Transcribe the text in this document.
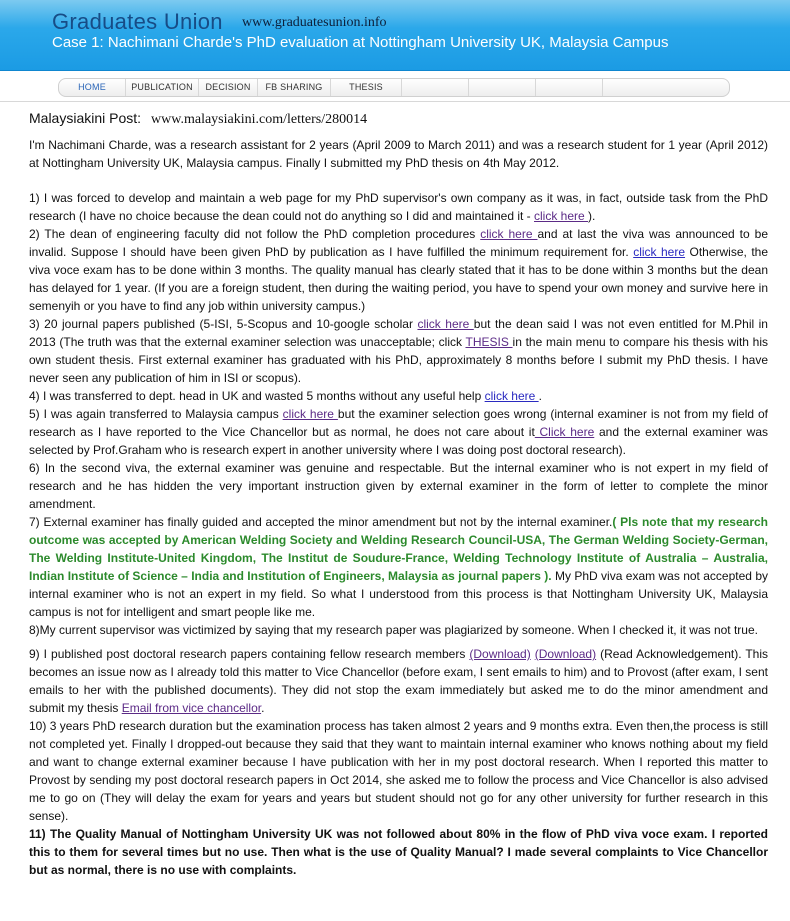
Graduates Union www.graduatesunion.info
Case 1: Nachimani Charde's PhD evaluation at Nottingham University UK, Malaysia Campus
HOME	PUBLICATION	DECISION	FB SHARING	THESIS
Malaysiakini Post: www.malaysiakini.com/letters/280014

I'm Nachimani Charde, was a research assistant for 2 years (April 2009 to March 2011) and was a research student for 1 year (April 2012) at Nottingham University UK, Malaysia campus. Finally I submitted my PhD thesis on 4th May 2012.

1) I was forced to develop and maintain a web page for my PhD supervisor's own company as it was, in fact, outside task from the PhD research (I have no choice because the dean could not do anything so I did and maintained it - click here ).

2) The dean of engineering faculty did not follow the PhD completion procedures click here and at last the viva was announced to be invalid. Suppose I should have been given PhD by publication as I have fulfilled the minimum requirement for. click here Otherwise, the viva voce exam has to be done within 3 months. The quality manual has clearly stated that it has to be done within 3 months but the dean has delayed for 1 year. (If you are a foreign student, then during the waiting period, you have to spend your own money and survive here in semenyih or you have to find any job within university campus.)

3) 20 journal papers published (5-ISI, 5-Scopus and 10-google scholar click here but the dean said I was not even entitled for M.Phil in 2013 (The truth was that the external examiner selection was unacceptable; click THESIS in the main menu to compare his thesis with his own student thesis. First external examiner has graduated with his PhD, approximately 8 months before I submit my PhD thesis. I have never seen any publication of him in ISI or scopus).

4) I was transferred to dept. head in UK and wasted 5 months without any useful help click here .

5) I was again transferred to Malaysia campus click here but the examiner selection goes wrong (internal examiner is not from my field of research as I have reported to the Vice Chancellor but as normal, he does not care about it Click here and the external examiner was selected by Prof.Graham who is research expert in another university where I was doing post doctoral research).

6) In the second viva, the external examiner was genuine and respectable. But the internal examiner who is not expert in my field of research and he has hidden the very important instruction given by external examiner in the form of letter to complete the minor amendment.

7) External examiner has finally guided and accepted the minor amendment but not by the internal examiner.( Pls note that my research outcome was accepted by American Welding Society and Welding Research Council-USA, The German Welding Society-German, The Welding Institute-United Kingdom, The Institut de Soudure-France, Welding Technology Institute of Australia – Australia, Indian Institute of Science – India and Institution of Engineers, Malaysia as journal papers ). My PhD viva exam was not accepted by internal examiner who is not an expert in my field. So what I understood from this process is that Nottingham University UK, Malaysia campus is not for intelligent and smart people like me.

8)My current supervisor was victimized by saying that my research paper was plagiarized by someone. When I checked it, it was not true.

9) I published post doctoral research papers containing fellow research members (Download) (Download) (Read Acknowledgement). This becomes an issue now as I already told this matter to Vice Chancellor (before exam, I sent emails to him) and to Provost (after exam, I sent emails to her with the published documents). They did not stop the exam immediately but asked me to do the minor amendment and submit my thesis Email from vice chancellor.

10) 3 years PhD research duration but the examination process has taken almost 2 years and 9 months extra. Even then,the process is still not completed yet. Finally I dropped-out because they said that they want to maintain internal examiner who knows nothing about my field and want to change external examiner because I have publication with her in my post doctoral research. When I reported this matter to Provost by sending my post doctoral research papers in Oct 2014, she asked me to follow the process and Vice Chancellor is also advised me to go on (They will delay the exam for years and years but student should not go for any other university for further research in this sense).

11) The Quality Manual of Nottingham University UK was not followed about 80% in the flow of PhD viva voce exam. I reported this to them for several times but no use. Then what is the use of Quality Manual? I made several complaints to Vice Chancellor but as normal, there is no use with complaints.
